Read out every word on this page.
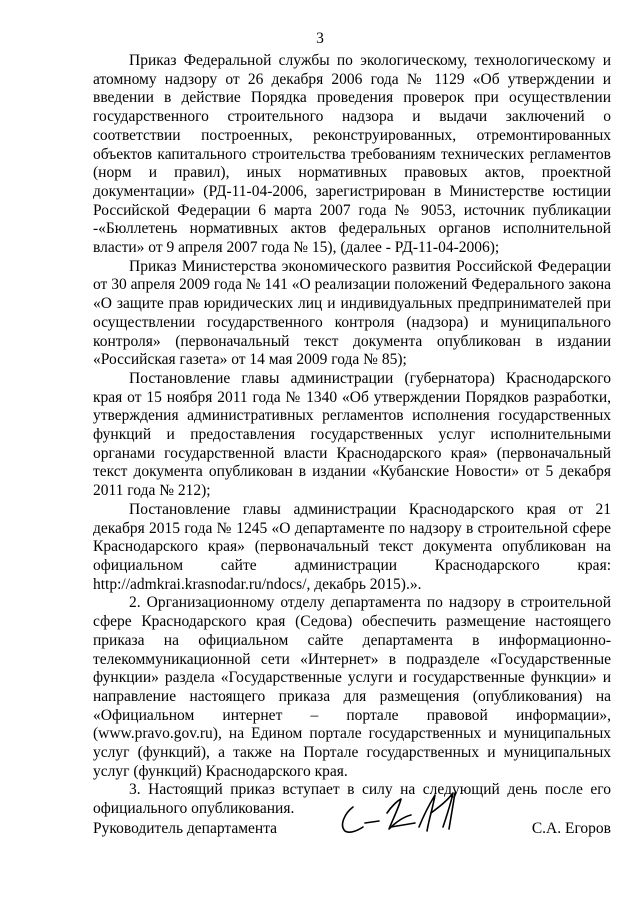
3

Приказ Федеральной службы по экологическому, технологическому и атомному надзору от 26 декабря 2006 года № 1129 «Об утверждении и введении в действие Порядка проведения проверок при осуществлении государственного строительного надзора и выдачи заключений о соответствии построенных, реконструированных, отремонтированных объектов капитального строительства требованиям технических регламентов (норм и правил), иных нормативных правовых актов, проектной документации» (РД-11-04-2006, зарегистрирован в Министерстве юстиции Российской Федерации 6 марта 2007 года № 9053, источник публикации -«Бюллетень нормативных актов федеральных органов исполнительной власти» от 9 апреля 2007 года № 15), (далее - РД-11-04-2006);

Приказ Министерства экономического развития Российской Федерации от 30 апреля 2009 года № 141 «О реализации положений Федерального закона «О защите прав юридических лиц и индивидуальных предпринимателей при осуществлении государственного контроля (надзора) и муниципального контроля» (первоначальный текст документа опубликован в издании «Российская газета» от 14 мая 2009 года № 85);

Постановление главы администрации (губернатора) Краснодарского края от 15 ноября 2011 года № 1340 «Об утверждении Порядков разработки, утверждения административных регламентов исполнения государственных функций и предоставления государственных услуг исполнительными органами государственной власти Краснодарского края» (первоначальный текст документа опубликован в издании «Кубанские Новости» от 5 декабря 2011 года № 212);

Постановление главы администрации Краснодарского края от 21 декабря 2015 года № 1245 «О департаменте по надзору в строительной сфере Краснодарского края» (первоначальный текст документа опубликован на официальном сайте администрации Краснодарского края: http://admkrai.krasnodar.ru/ndocs/, декабрь 2015).».

2. Организационному отделу департамента по надзору в строительной сфере Краснодарского края (Седова) обеспечить размещение настоящего приказа на официальном сайте департамента в информационно-телекоммуникационной сети «Интернет» в подразделе «Государственные функции» раздела «Государственные услуги и государственные функции» и направление настоящего приказа для размещения (опубликования) на «Официальном интернет – портале правовой информации», (www.pravo.gov.ru), на Едином портале государственных и муниципальных услуг (функций), а также на Портале государственных и муниципальных услуг (функций) Краснодарского края.

3. Настоящий приказ вступает в силу на следующий день после его официального опубликования.

Руководитель департамента	С.А. Егоров
